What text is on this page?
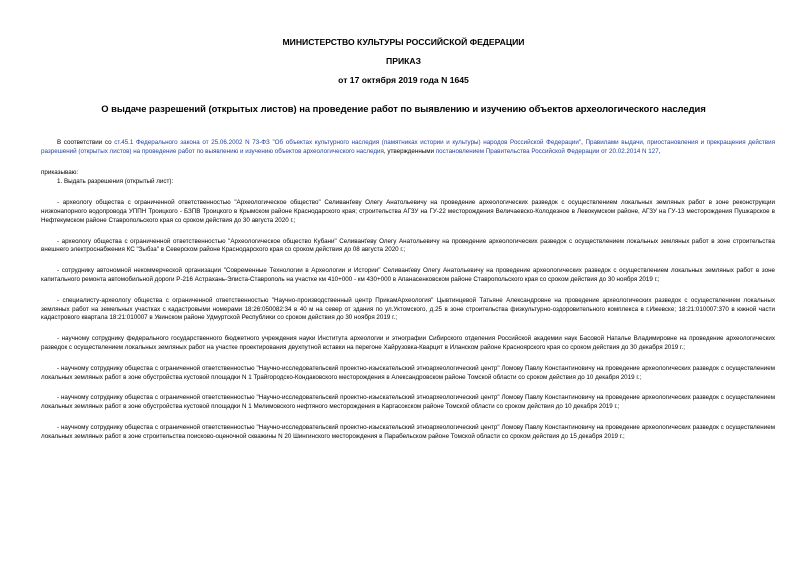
МИНИСТЕРСТВО КУЛЬТУРЫ РОССИЙСКОЙ ФЕДЕРАЦИИ
ПРИКАЗ
от 17 октября 2019 года N 1645
О выдаче разрешений (открытых листов) на проведение работ по выявлению и изучению объектов археологического наследия

В соответствии со ст.45.1 Федерального закона от 25.06.2002 N 73-ФЗ "Об объектах культурного наследия (памятниках истории и культуры) народов Российской Федерации", Правилами выдачи, приостановления и прекращения действия разрешений (открытых листов) на проведение работ по выявлению и изучению объектов археологического наследия, утвержденными постановлением Правительства Российской Федерации от 20.02.2014 N 127,

приказываю:

1. Выдать разрешения (открытый лист):

- археологу общества с ограниченной ответственностью "Археологическое общество" Селиванťеву Олегу Анатольевичу на проведение археологических разведок с осуществлением локальных земляных работ в зоне реконструкции низконапорного водопровода УППН Троицкого - БЗПВ Троицкого в Крымском районе Краснодарского края; строительства АГЗУ на ГУ-22 месторождения Величаевско-Колодезное в Левокумском районе, АГЗУ на ГУ-13 месторождения Пушкарское в Нефтекумском районе Ставропольского края со сроком действия до 30 августа 2020 г.;

- археологу общества с ограниченной ответственностью "Археологическое общество Кубани" Селиванťеву Олегу Анатольевичу на проведение археологических разведок с осуществлением локальных земляных работ в зоне строительства внешнего электроснабжения КС "Зыбза" в Северском районе Краснодарского края со сроком действия до 08 августа 2020 г.;

- сотруднику автономной некоммерческой организации "Современные Технологии в Археологии и Истории" Селиванťеву Олегу Анатольевичу на проведение археологических разведок с осуществлением локальных земляных работ в зоне капитального ремонта автомобильной дороги Р-216 Астрахань-Элиста-Ставрополь на участке км 410+000 - км 430+000 в Апанасенковском районе Ставропольского края со сроком действия до 30 ноября 2019 г.;

- специалисту-археологу общества с ограниченной ответственностью "Научно-производственный центр ПрикамАрхеология" Цывтинцевой Татьяне Александровне на проведение археологических разведок с осуществлением локальных земляных работ на земельных участках с кадастровыми номерами 18:26:050082:34 в 40 м на север от здания по ул.Уктомского, д.25 в зоне строительства физкультурно-оздоровительного комплекса в г.Ижевске; 18:21:010007:370 в южной части кадастрового квартала 18:21:010007 в Увинском районе Удмуртской Республики со сроком действия до 30 ноября 2019 г.;

- научному сотруднику федерального государственного бюджетного учреждения науки Института археологии и этнографии Сибирского отделения Российской академии наук Басовой Наталье Владимировне на проведение археологических разведок с осуществлением локальных земляных работ на участке проектирования двухпутной вставки на перегоне Хайрузовка-Кварцит в Иланском районе Красноярского края со сроком действия до 30 декабря 2019 г.;

- научному сотруднику общества с ограниченной ответственностью "Научно-исследовательский проектно-изыскательский этноархеологический центр" Ломову Павлу Константиновичу на проведение археологических разведок с осуществлением локальных земляных работ в зоне обустройства кустовой площадки N 1 Трайгородско-Кондаковского месторождения в Александровском районе Томской области со сроком действия до 10 декабря 2019 г.;

- научному сотруднику общества с ограниченной ответственностью "Научно-исследовательский проектно-изыскательский этноархеологический центр" Ломову Павлу Константиновичу на проведение археологических разведок с осуществлением локальных земляных работ в зоне обустройства кустовой площадки N 1 Мелимовского нефтяного месторождения в Каргасокском районе Томской области со сроком действия до 10 декабря 2019 г.;

- научному сотруднику общества с ограниченной ответственностью "Научно-исследовательский проектно-изыскательский этноархеологический центр" Ломову Павлу Константиновичу на проведение археологических разведок с осуществлением локальных земляных работ в зоне строительства поисково-оценочной скважины N 20 Шингинского месторождения в Парабельском районе Томской области со сроком действия до 15 декабря 2019 г.;
